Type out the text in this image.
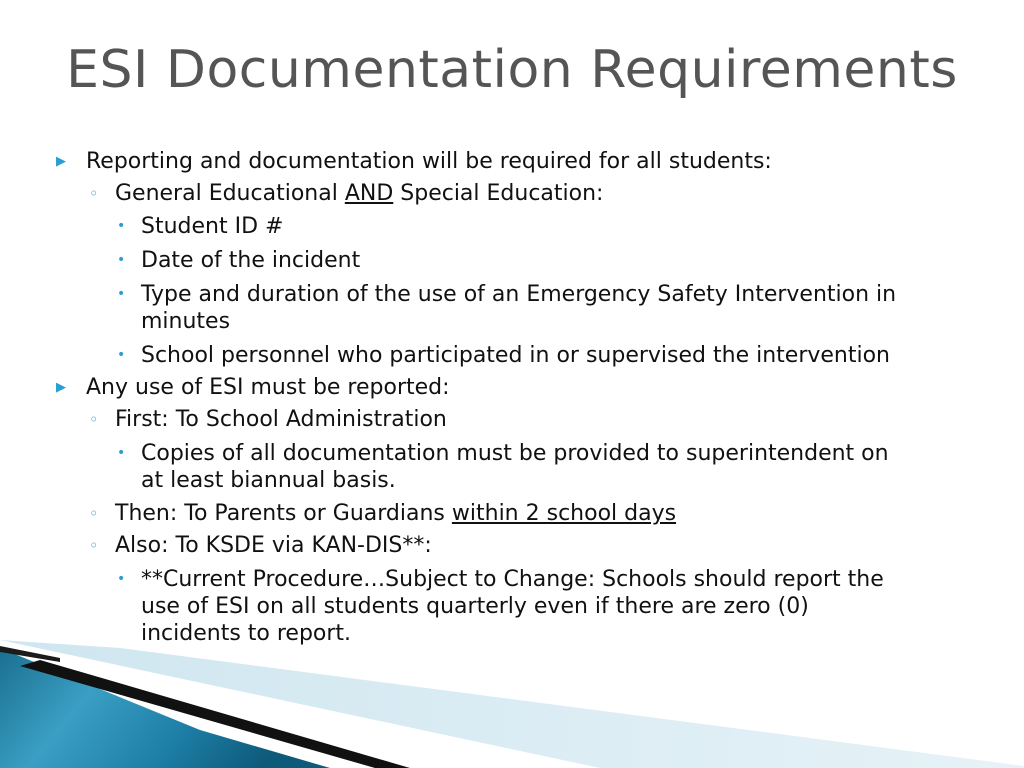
ESI Documentation Requirements
▶ Reporting and documentation will be required for all students:
◦ General Educational AND Special Education:
• Student ID #
• Date of the incident
• Type and duration of the use of an Emergency Safety Intervention in
minutes
• School personnel who participated in or supervised the intervention
▶ Any use of ESI must be reported:
◦ First: To School Administration
• Copies of all documentation must be provided to superintendent on
at least biannual basis.
◦ Then: To Parents or Guardians within 2 school days
◦ Also: To KSDE via KAN-DIS**:
• **Current Procedure…Subject to Change: Schools should report the
use of ESI on all students quarterly even if there are zero (0)
incidents to report.
